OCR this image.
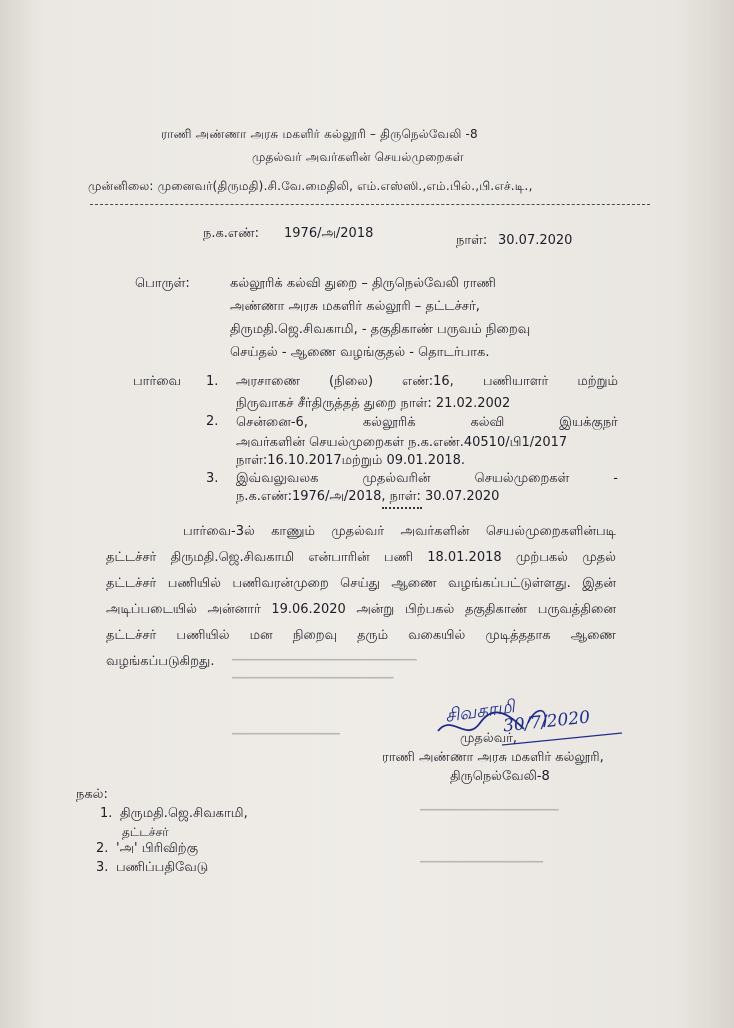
ராணி அண்ணா அரசு மகளிர் கல்லூரி – திருநெல்வேலி -8
முதல்வர் அவர்களின் செயல்முறைகள்
முன்னிலை: முனைவர்(திருமதி).சி.வே.மைதிலி, எம்.எஸ்ஸி.,எம்.பில்.,பி.எச்.டி.,
ந.க.எண்: 1976/அ/2018	நாள்: 30.07.2020
பொருள்:	கல்லூரிக் கல்வி துறை – திருநெல்வேலி ராணி
அண்ணா அரசு மகளிர் கல்லூரி – தட்டச்சர்,
திருமதி.ஜெ.சிவகாமி, - தகுதிகாண் பருவம் நிறைவு
செய்தல் - ஆணை வழங்குதல் - தொடர்பாக.
பார்வை 1. அரசாணை (நிலை) எண்:16, பணியாளர் மற்றும்
நிருவாகச் சீர்திருத்தத் துறை நாள்: 21.02.2002
2. சென்னை-6,	கல்லூரிக்	கல்வி	இயக்குநர்
அவர்களின் செயல்முறைகள் ந.க.எண்.40510/பி1/2017
நாள்:16.10.2017மற்றும் 09.01.2018.
3. இவ்வலுவலக	முதல்வரின்	செயல்முறைகள்	-
ந.க.எண்:1976/அ/2018, நாள்: 30.07.2020
பார்வை-3ல் காணும் முதல்வர் அவர்களின் செயல்முறைகளின்படி
தட்டச்சர் திருமதி.ஜெ.சிவகாமி என்பாரின் பணி 18.01.2018 முற்பகல் முதல்
தட்டச்சர் பணியில் பணிவரன்முறை செய்து ஆணை வழங்கப்பட்டுள்ளது. இதன்
அடிப்படையில் அன்னார் 19.06.2020 அன்று பிற்பகல் தகுதிகாண் பருவத்தினை
தட்டச்சர் பணியில் மன நிறைவு தரும் வகையில் முடித்ததாக ஆணை
வழங்கப்படுகிறது. ▁▁▁▁▁▁▁▁▁▁▁▁▁▁▁▁▁▁▁▁▁▁▁▁
▁▁▁▁▁▁▁▁▁▁▁▁▁▁▁▁▁▁▁▁▁
▁▁▁▁▁▁▁▁▁▁▁▁▁▁
▁▁▁▁▁▁▁▁▁▁▁▁▁▁▁▁▁▁
▁▁▁▁▁▁▁▁▁▁▁▁▁▁▁▁
சிவகாமி
30/7/2020
முதல்வர்,
ராணி அண்ணா அரசு மகளிர் கல்லூரி,
திருநெல்வேலி-8
நகல்:
1. திருமதி.ஜெ.சிவகாமி,
தட்டச்சர்
2. 'அ' பிரிவிற்கு
3. பணிப்பதிவேடு
